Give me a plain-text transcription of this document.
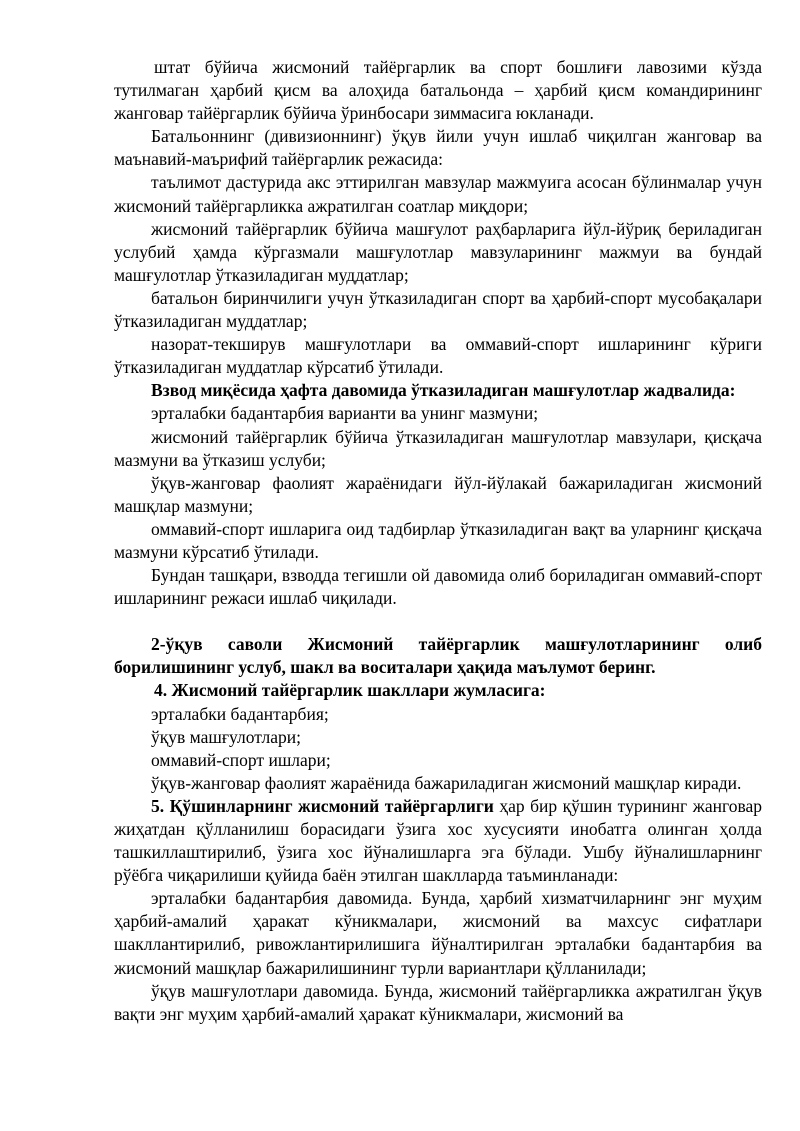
штат бўйича жисмоний тайёргарлик ва спорт бошлиғи лавозими кўзда тутилмаган ҳарбий қисм ва алоҳида батальонда – ҳарбий қисм командирининг жанговар тайёргарлик бўйича ўринбосари зиммасига юкланади.

Батальоннинг (дивизионнинг) ўқув йили учун ишлаб чиқилган жанговар ва маънавий-маърифий тайёргарлик режасида:

таълимот дастурида акс эттирилган мавзулар мажмуига асосан бўлинмалар учун жисмоний тайёргарликка ажратилган соатлар миқдори;

жисмоний тайёргарлик бўйича машғулот раҳбарларига йўл-йўриқ бериладиган услубий ҳамда кўргазмали машғулотлар мавзуларининг мажмуи ва бундай машғулотлар ўтказиладиган муддатлар;

батальон биринчилиги учун ўтказиладиган спорт ва ҳарбий-спорт мусобақалари ўтказиладиган муддатлар;

назорат-текширув машғулотлари ва оммавий-спорт ишларининг кўриги ўтказиладиган муддатлар кўрсатиб ўтилади.

Взвод миқёсида ҳафта давомида ўтказиладиган машғулотлар жадвалида:

эрталабки бадантарбия варианти ва унинг мазмуни;

жисмоний тайёргарлик бўйича ўтказиладиган машғулотлар мавзулари, қисқача мазмуни ва ўтказиш услуби;

ўқув-жанговар фаолият жараёнидаги йўл-йўлакай бажариладиган жисмоний машқлар мазмуни;

оммавий-спорт ишларига оид тадбирлар ўтказиладиган вақт ва уларнинг қисқача мазмуни кўрсатиб ўтилади.

Бундан ташқари, взводда тегишли ой давомида олиб бориладиган оммавий-спорт ишларининг режаси ишлаб чиқилади.

2-ўқув саволи Жисмоний тайёргарлик машғулотларининг олиб борилишининг услуб, шакл ва воситалари ҳақида маълумот беринг.

4. Жисмоний тайёргарлик шакллари жумласига:

эрталабки бадантарбия;

ўқув машғулотлари;

оммавий-спорт ишлари;

ўқув-жанговар фаолият жараёнида бажариладиган жисмоний машқлар киради.

5. Қўшинларнинг жисмоний тайёргарлиги ҳар бир қўшин турининг жанговар жиҳатдан қўлланилиш борасидаги ўзига хос хусусияти инобатга олинган ҳолда ташкиллаштирилиб, ўзига хос йўналишларга эга бўлади. Ушбу йўналишларнинг рўёбга чиқарилиши қуйида баён этилган шаклларда таъминланади:

эрталабки бадантарбия давомида. Бунда, ҳарбий хизматчиларнинг энг муҳим ҳарбий-амалий ҳаракат кўникмалари, жисмоний ва махсус сифатлари шакллантирилиб, ривожлантирилишига йўналтирилган эрталабки бадантарбия ва жисмоний машқлар бажарилишининг турли вариантлари қўлланилади;

ўқув машғулотлари давомида. Бунда, жисмоний тайёргарликка ажратилган ўқув вақти энг муҳим ҳарбий-амалий ҳаракат кўникмалари, жисмоний ва
